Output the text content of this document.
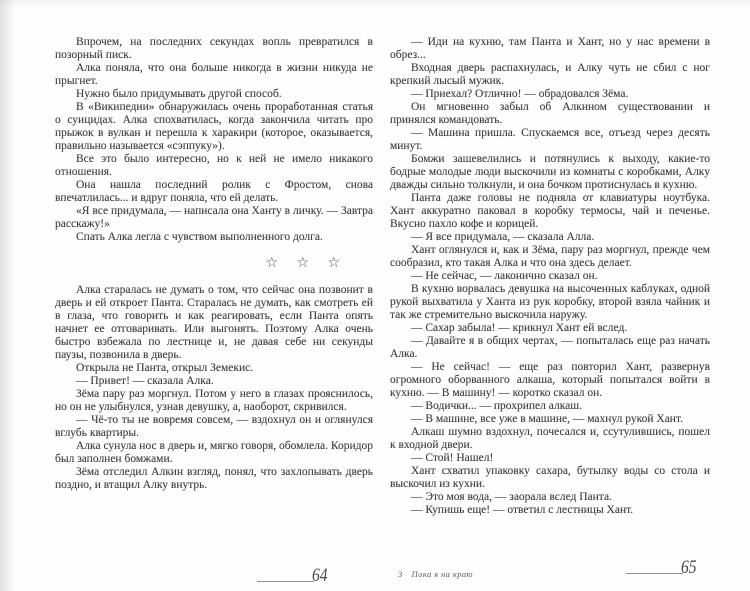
Впрочем, на последних секундах вопль превратился в позорный писк.

Алка поняла, что она больше никогда в жизни никуда не прыгнет.

Нужно было придумывать другой способ.

В «Википедии» обнаружилась очень проработанная статья о суицидах. Алка спохватилась, когда закончила читать про прыжок в вулкан и перешла к харакири (которое, оказывается, правильно называется «сэппуку»).

Все это было интересно, но к ней не имело никакого отношения.

Она нашла последний ролик с Фростом, снова впечатлилась... и вдруг поняла, что ей делать.

«Я все придумала, — написала она Ханту в личку. — Завтра расскажу!»

Спать Алка легла с чувством выполненного долга.

☆ ☆ ☆

Алка старалась не думать о том, что сейчас она позвонит в дверь и ей откроет Панта. Старалась не думать, как смотреть ей в глаза, что говорить и как реагировать, если Панта опять начнет ее отговаривать. Или выгонять. Поэтому Алка очень быстро взбежала по лестнице и, не давая себе ни секунды паузы, позвонила в дверь.

Открыла не Панта, открыл Земекис.

— Привет! — сказала Алка.

Зёма пару раз моргнул. Потом у него в глазах прояснилось, но он не улыбнулся, узнав девушку, а, наоборот, скривился.

— Чё-то ты не вовремя совсем, — вздохнул он и оглянулся вглубь квартиры.

Алка сунула нос в дверь и, мягко говоря, обомлела. Коридор был заполнен бомжами.

Зёма отследил Алкин взгляд, понял, что захлопывать дверь поздно, и втащил Алку внутрь.

— Иди на кухню, там Панта и Хант, но у нас времени в обрез...

Входная дверь распахнулась, и Алку чуть не сбил с ног крепкий лысый мужик.

— Приехал? Отлично! — обрадовался Зёма.

Он мгновенно забыл об Алкином существовании и принялся командовать.

— Машина пришла. Спускаемся все, отъезд через десять минут.

Бомжи зашевелились и потянулись к выходу, какие-то бодрые молодые люди выскочили из комнаты с коробками, Алку дважды сильно толкнули, и она бочком протиснулась в кухню.

Панта даже головы не подняла от клавиатуры ноутбука. Хант аккуратно паковал в коробку термосы, чай и печенье. Вкусно пахло кофе и корицей.

— Я все придумала, — сказала Алла.

Хант оглянулся и, как и Зёма, пару раз моргнул, прежде чем сообразил, кто такая Алка и что она здесь делает.

— Не сейчас, — лаконично сказал он.

В кухню ворвалась девушка на высоченных каблуках, одной рукой выхватила у Ханта из рук коробку, второй взяла чайник и так же стремительно выскочила наружу.

— Сахар забыла! — крикнул Хант ей вслед.

— Давайте я в общих чертах, — попыталась еще раз начать Алка.

— Не сейчас! — еще раз повторил Хант, развернув огромного оборванного алкаша, который попытался войти в кухню. — В машину! — коротко сказал он.

— Водички... — прохрипел алкаш.

— В машине, все уже в машине, — махнул рукой Хант.

Алкаш шумно вздохнул, почесался и, ссутулившись, пошел к входной двери.

— Стой! Нашел!

Хант схватил упаковку сахара, бутылку воды со стола и выскочил из кухни.

— Это моя вода, — заорала вслед Панта.

— Купишь еще! — ответил с лестницы Хант.

64	3 Пока я на краю	65
